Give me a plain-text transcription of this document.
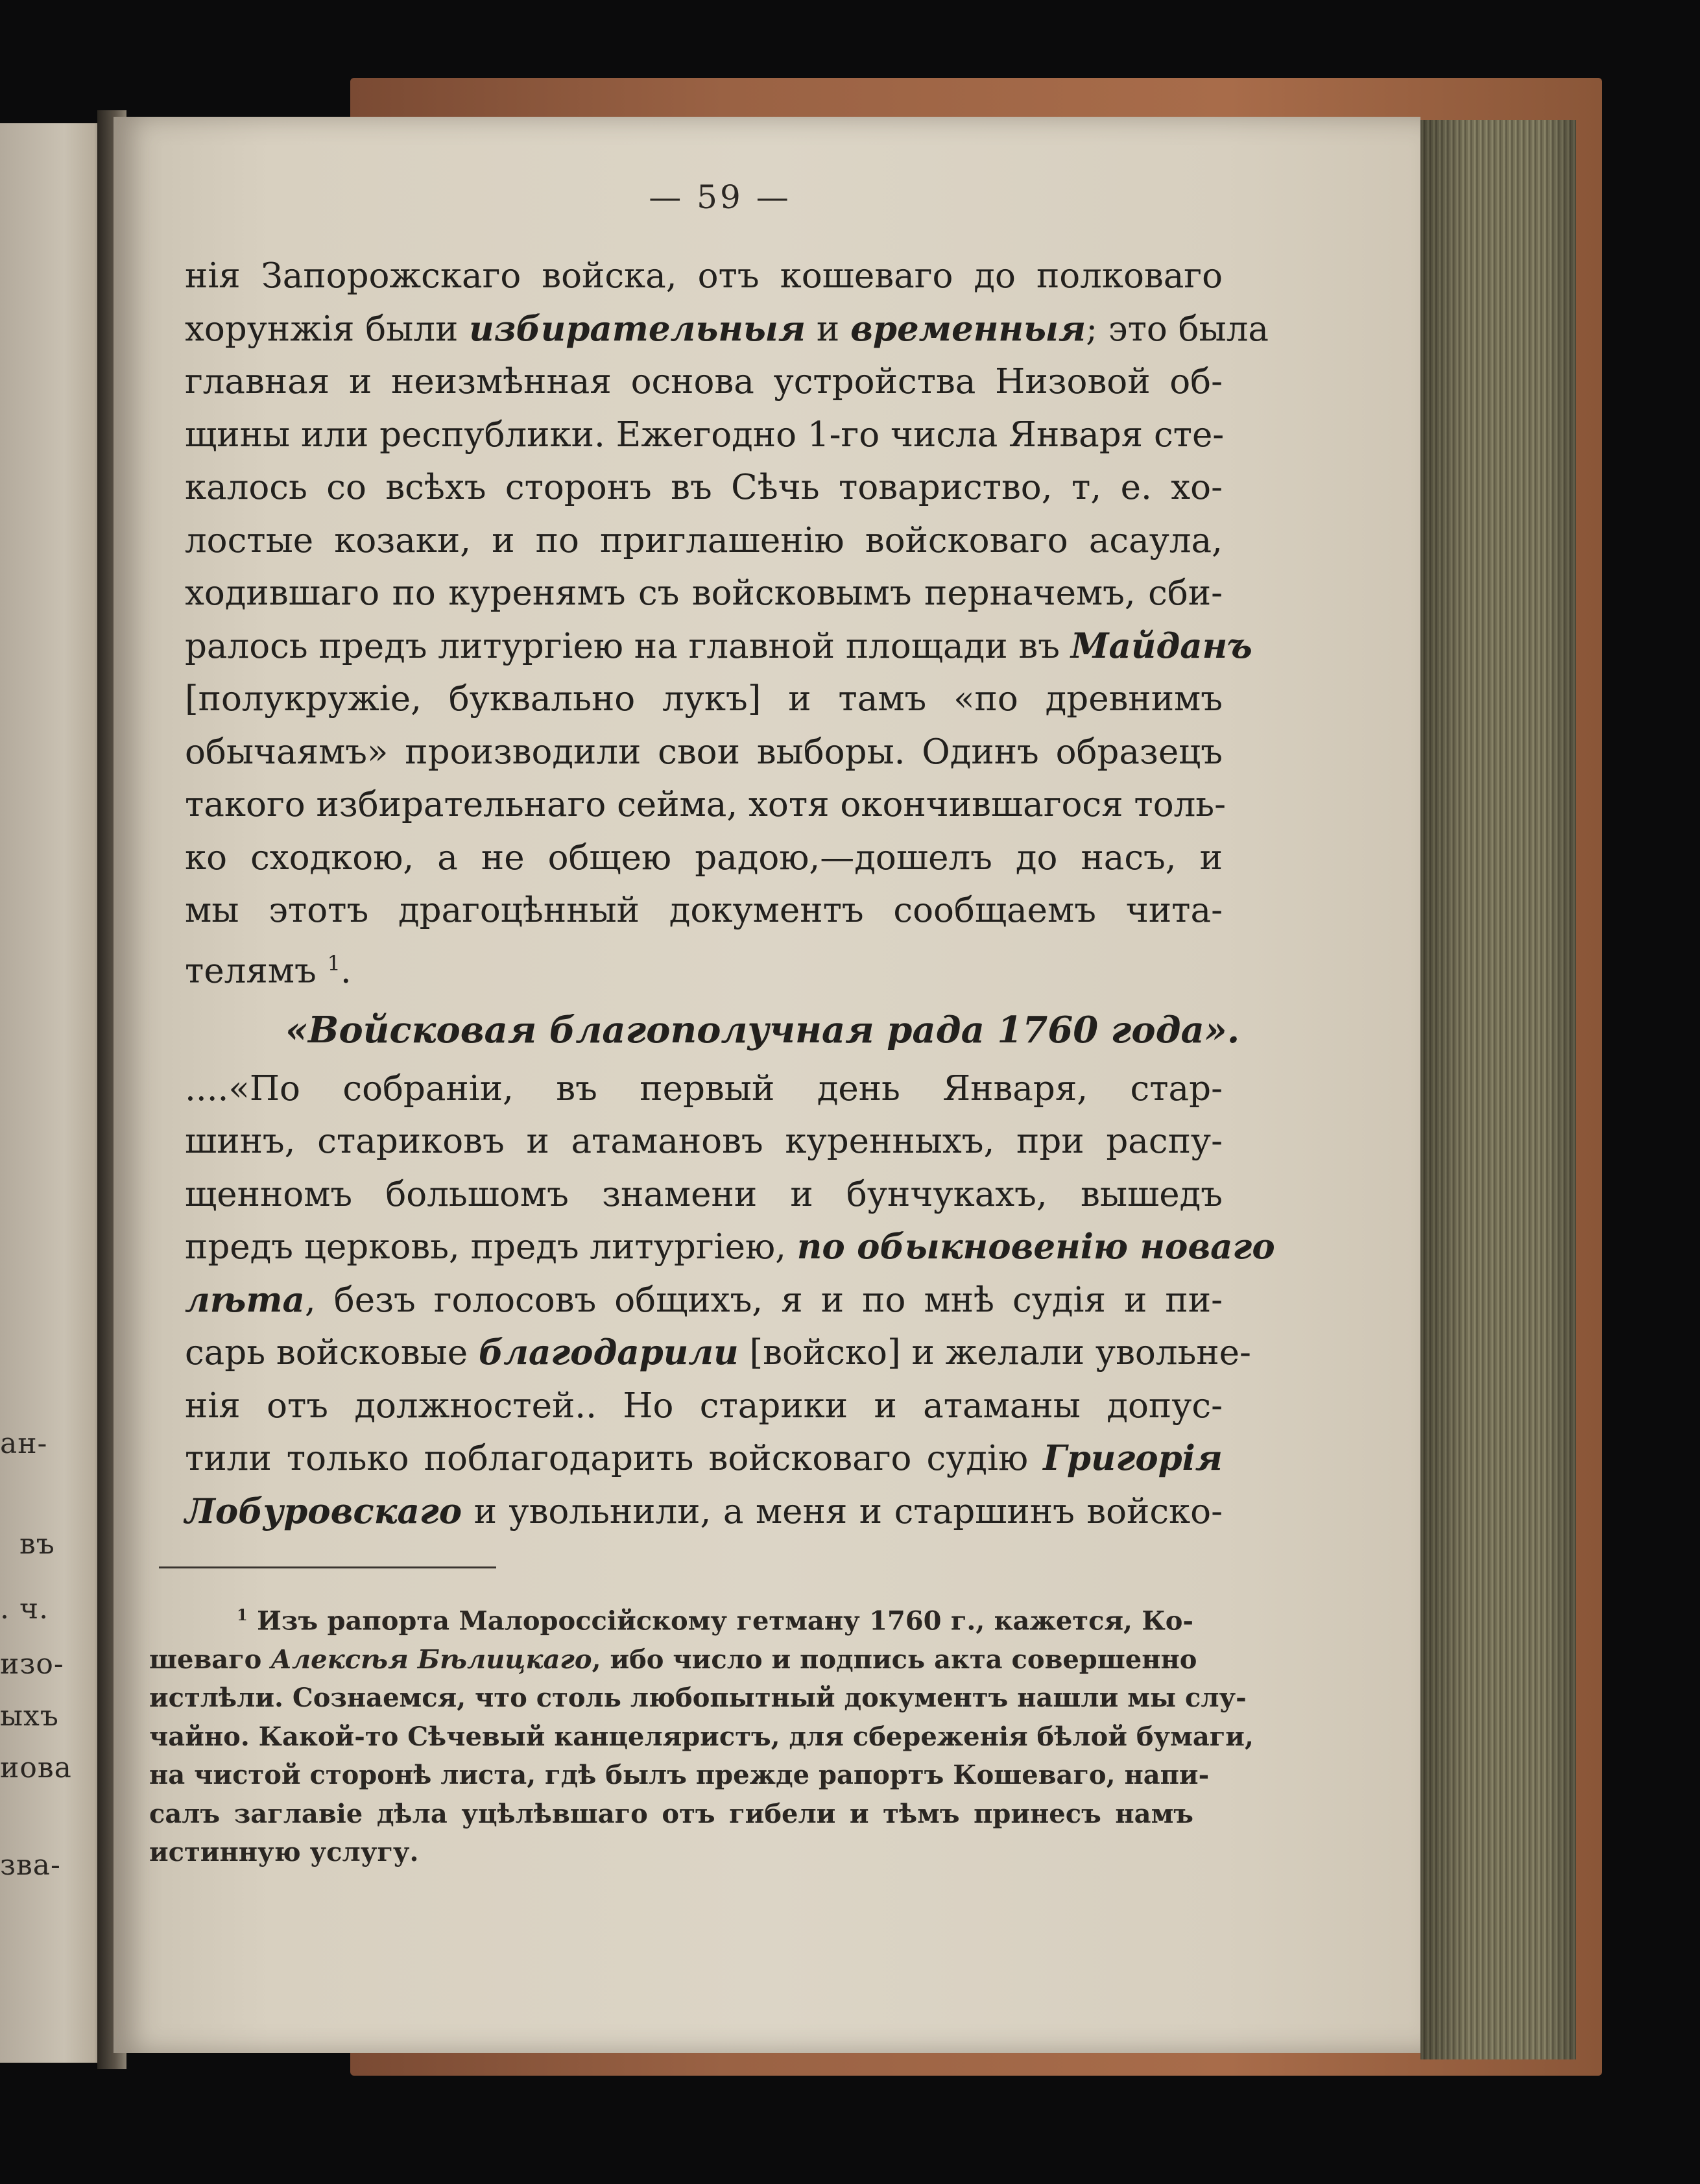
ан-
въ
. ч.
изо-
ыхъ
иова
зва-
— 59 —
нія Запорожскаго войска, отъ кошеваго до полковаго
хорунжія были избирательныя и временныя; это была
главная и неизмѣнная основа устройства Низовой об-
щины или республики. Ежегодно 1-го числа Января сте-
калось со всѣхъ сторонъ въ Сѣчь товариство, т, е. хо-
лостые козаки, и по приглашенію войсковаго асаула,
ходившаго по куренямъ съ войсковымъ перначемъ, сби-
ралось предъ литургіею на главной площади въ Майданъ
[полукружіе, буквально лукъ] и тамъ «по древнимъ
обычаямъ» производили свои выборы. Одинъ образецъ
такого избирательнаго сейма, хотя окончившагося толь-
ко сходкою, а не общею радою,—дошелъ до насъ, и
мы этотъ драгоцѣнный документъ сообщаемъ чита-
телямъ $^1$.
«Войсковая благополучная рада 1760 года».
....«По собраніи, въ первый день Января, стар-
шинъ, стариковъ и атамановъ куренныхъ, при распу-
щенномъ большомъ знамени и бунчукахъ, вышедъ
предъ церковь, предъ литургіею, по обыкновенію новаго
лѣта, безъ голосовъ общихъ, я и по мнѣ судія и пи-
сарь войсковые благодарили [войско] и желали увольне-
нія отъ должностей.. Но старики и атаманы допус-
тили только поблагодарить войсковаго судію Григорія
Лобуровскаго и увольнили, а меня и старшинъ войско-
$^1$ Изъ рапорта Малороссійскому гетману 1760 г., кажется, Ко-
шеваго Алексѣя Бѣлицкаго, ибо число и подпись акта совершенно
истлѣли. Сознаемся, что столь любопытный документъ нашли мы слу-
чайно. Какой-то Сѣчевый канцеляристъ, для сбереженія бѣлой бумаги,
на чистой сторонѣ листа, гдѣ былъ прежде рапортъ Кошеваго, напи-
салъ заглавіе дѣла уцѣлѣвшаго отъ гибели и тѣмъ принесъ намъ
истинную услугу.
